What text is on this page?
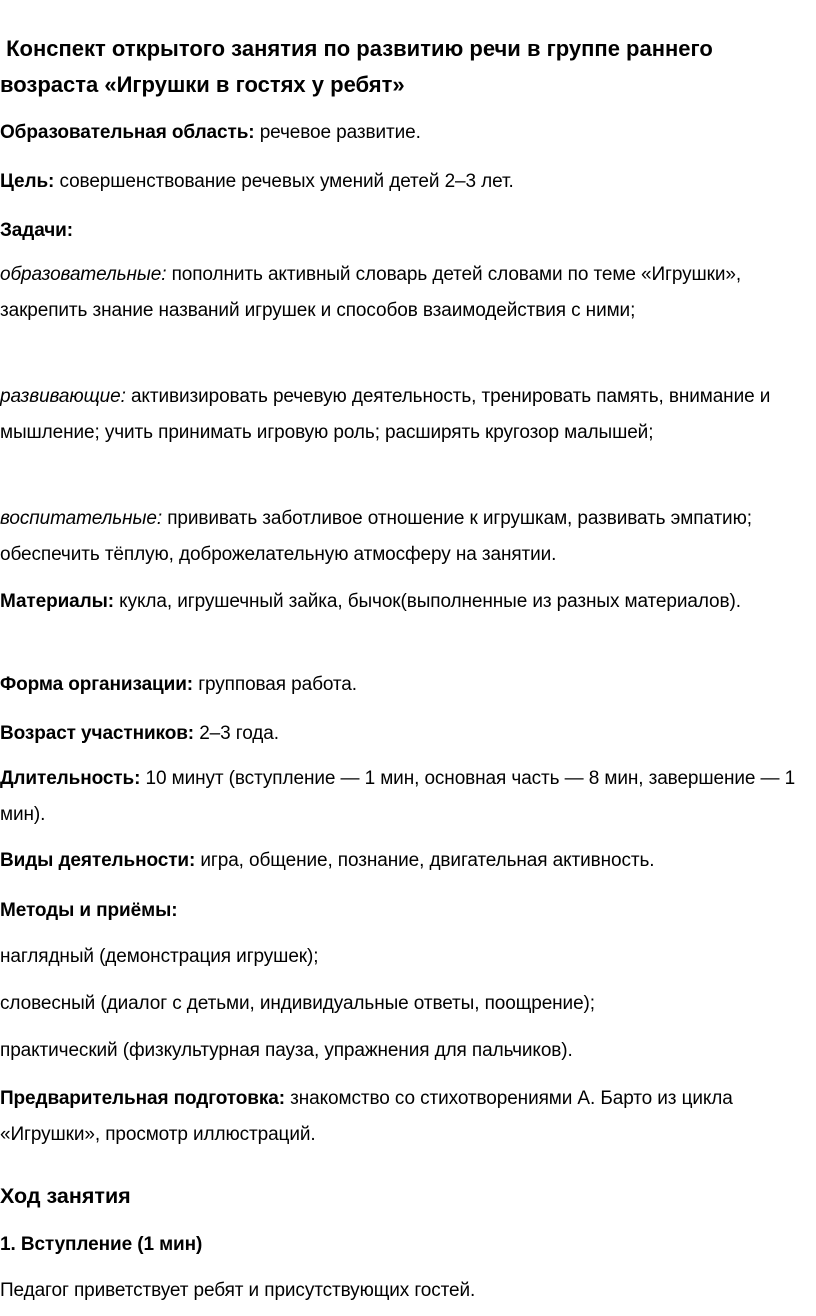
Конспект открытого занятия по развитию речи в группе раннего возраста «Игрушки в гостях у ребят»

Образовательная область: речевое развитие.

Цель: совершенствование речевых умений детей 2–3 лет.

Задачи:

образовательные: пополнить активный словарь детей словами по теме «Игрушки», закрепить знание названий игрушек и способов взаимодействия с ними;

развивающие: активизировать речевую деятельность, тренировать память, внимание и мышление; учить принимать игровую роль; расширять кругозор малышей;

воспитательные: прививать заботливое отношение к игрушкам, развивать эмпатию; обеспечить тёплую, доброжелательную атмосферу на занятии.

Материалы: кукла, игрушечный зайка, бычок(выполненные из разных материалов).

Форма организации: групповая работа.

Возраст участников: 2–3 года.

Длительность: 10 минут (вступление — 1 мин, основная часть — 8 мин, завершение — 1 мин).

Виды деятельности: игра, общение, познание, двигательная активность.

Методы и приёмы:

наглядный (демонстрация игрушек);

словесный (диалог с детьми, индивидуальные ответы, поощрение);

практический (физкультурная пауза, упражнения для пальчиков).

Предварительная подготовка: знакомство со стихотворениями А. Барто из цикла «Игрушки», просмотр иллюстраций.

Ход занятия

1. Вступление (1 мин)

Педагог приветствует ребят и присутствующих гостей.
